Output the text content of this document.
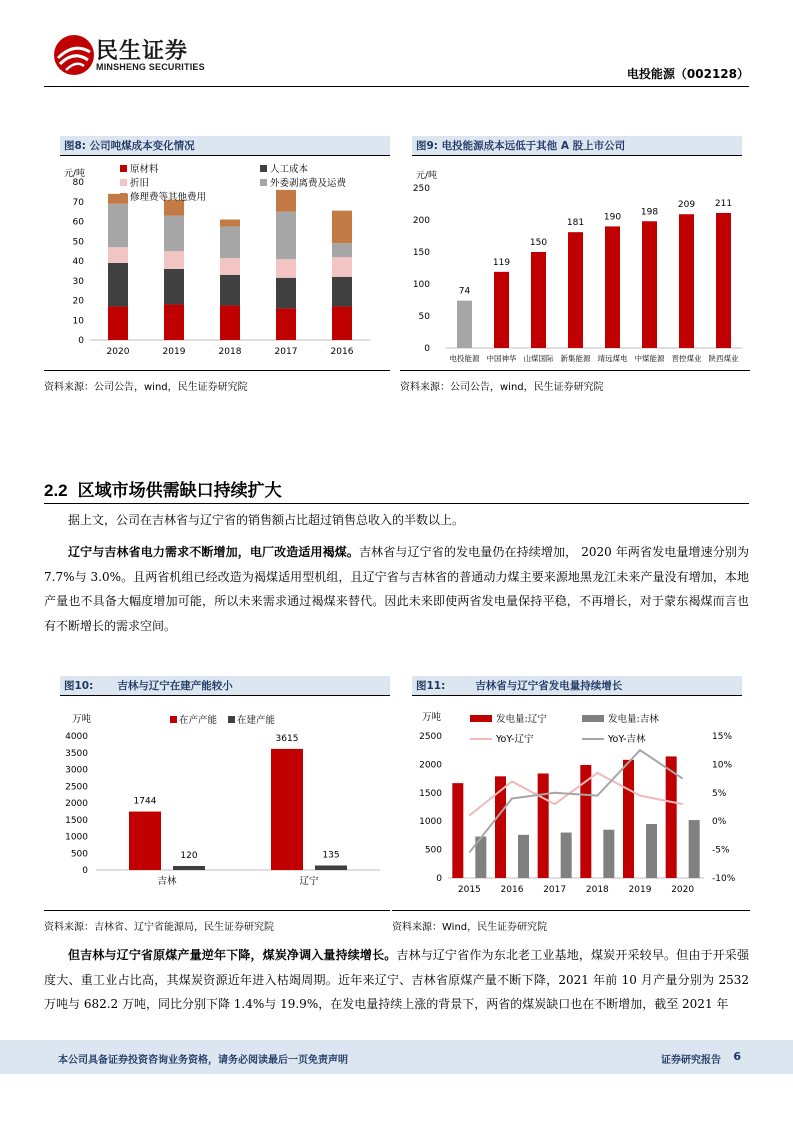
民生证券
MINSHENG SECURITIES	电投能源（002128）
图8: 公司吨煤成本变化情况
元/吨
0
10
20
30
40
50
60
70
80
2020	2019	2018	2017	2016
原材料	人工成本
折旧	外委剥离费及运费
修理费等其他费用
资料来源：公司公告，wind，民生证券研究院
图9: 电投能源成本远低于其他 A 股上市公司
元/吨
0
50
100
150
200
250
74
电投能源
119
中国神华
150
山煤国际
181
新集能源
190
靖远煤电
198
中煤能源
209
晋控煤业
211
陕西煤业
资料来源：公司公告，wind，民生证券研究院
2.2 区域市场供需缺口持续扩大
据上文，公司在吉林省与辽宁省的销售额占比超过销售总收入的半数以上。
辽宁与吉林省电力需求不断增加，电厂改造适用褐煤。吉林省与辽宁省的发电量仍在持续增加， 2020 年两省发电量增速分别为 7.7%与 3.0%。且两省机组已经改造为褐煤适用型机组，且辽宁省与吉林省的普通动力煤主要来源地黑龙江未来产量没有增加，本地产量也不具备大幅度增加可能，所以未来需求通过褐煤来替代。因此未来即使两省发电量保持平稳，不再增长，对于蒙东褐煤而言也有不断增长的需求空间。
图10: 吉林与辽宁在建产能较小
万吨
0
500
1000
1500
2000
2500
3000
3500
4000
1744
120
吉林
3615
135
辽宁
在产产能 在建产能
资料来源：吉林省、辽宁省能源局，民生证券研究院
图11:	吉林省与辽宁省发电量持续增长
万吨
0
500
1000
1500
2000
2500
-10%
-5%
0%
5%
10%
15%
2015 2016 2017 2018 2019 2020
发电量:辽宁	发电量:吉林
YoY-辽宁	YoY-吉林
资料来源：Wind，民生证券研究院
但吉林与辽宁省原煤产量逆年下降，煤炭净调入量持续增长。吉林与辽宁省作为东北老工业基地，煤炭开采较早。但由于开采强度大、重工业占比高，其煤炭资源近年进入枯竭周期。近年来辽宁、吉林省原煤产量不断下降，2021 年前 10 月产量分别为 2532 万吨与 682.2 万吨，同比分别下降 1.4%与 19.9%，在发电量持续上涨的背景下，两省的煤炭缺口也在不断增加，截至 2021 年
本公司具备证券投资咨询业务资格，请务必阅读最后一页免责声明	证券研究报告 6
